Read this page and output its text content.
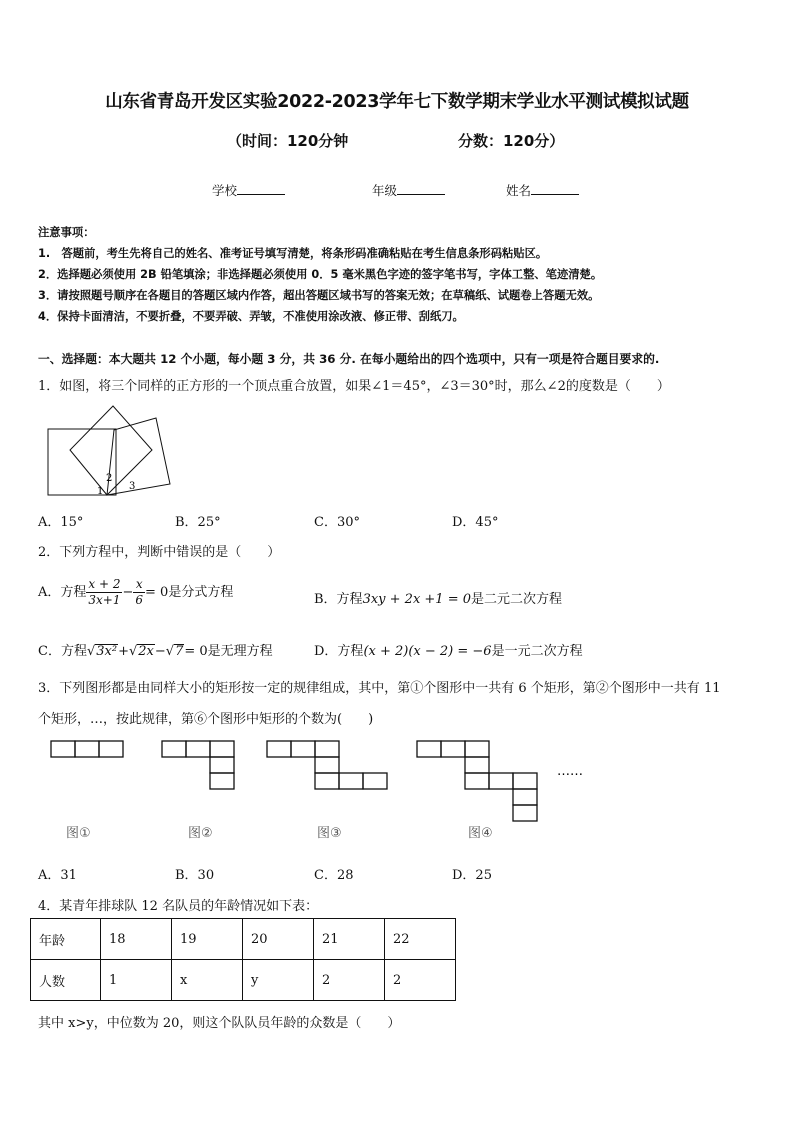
山东省青岛开发区实验2022-2023学年七下数学期末学业水平测试模拟试题
（时间：120分钟	分数：120分）
学校	年级	姓名
注意事项：
1.　答题前，考生先将自己的姓名、准考证号填写清楚，将条形码准确粘贴在考生信息条形码粘贴区。
2．选择题必须使用 2B 铅笔填涂；非选择题必须使用 0．5 毫米黑色字迹的签字笔书写，字体工整、笔迹清楚。
3．请按照题号顺序在各题目的答题区域内作答，超出答题区域书写的答案无效；在草稿纸、试题卷上答题无效。
4．保持卡面清洁，不要折叠，不要弄破、弄皱，不准使用涂改液、修正带、刮纸刀。
一、选择题：本大题共 12 个小题，每小题 3 分，共 36 分. 在每小题给出的四个选项中，只有一项是符合题目要求的.
1．如图，将三个同样的正方形的一个顶点重合放置，如果∠1＝45°，∠3＝30°时，那么∠2的度数是（　　）
1
2
3
A．15°	B．25°	C．30°	D．45°
2．下列方程中，判断中错误的是（　　）
A．方程 $\frac{x + 2}{3x+1} - \frac{x}{6} = 0$是分式方程	B．方程3xy + 2x +1 = 0是二元二次方程
C．方程√3x²+√2x−√7= 0是无理方程	D．方程(x + 2)(x − 2) = −6是一元二次方程
3．下列图形都是由同样大小的矩形按一定的规律组成，其中，第①个图形中一共有 6 个矩形，第②个图形中一共有 11
个矩形，…，按此规律，第⑥个图形中矩形的个数为(　　)
……
图①	图②	图③	图④
A．31	B．30	C．28	D．25
4．某青年排球队 12 名队员的年龄情况如下表：
年龄	18	19	20	21	22
人数	1	x	y	2	2
其中 x>y，中位数为 20，则这个队队员年龄的众数是（　　）
